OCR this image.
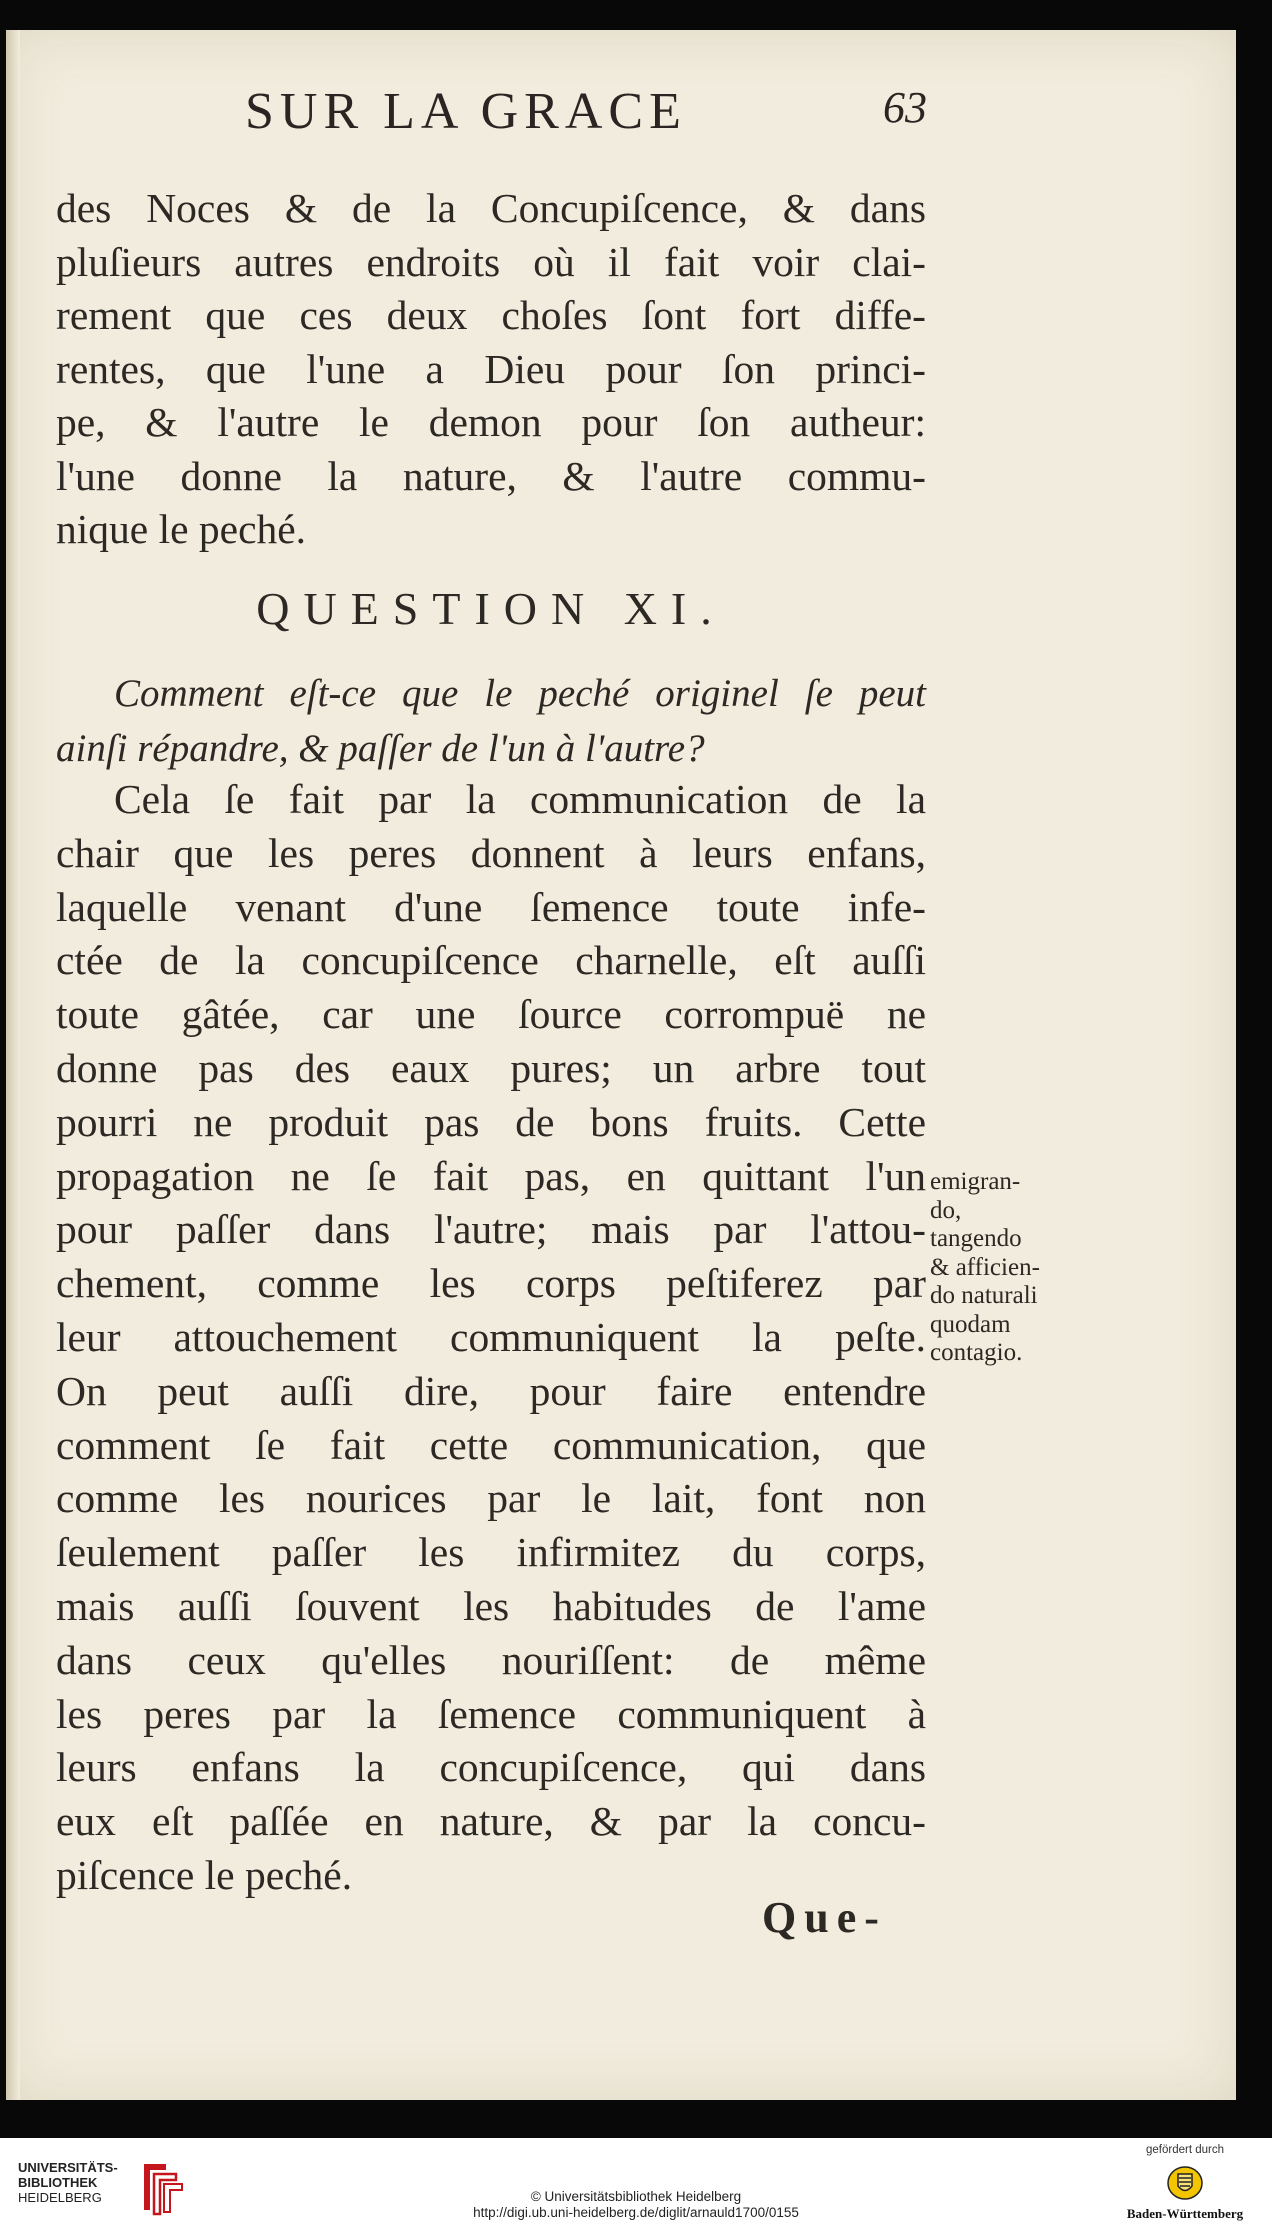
SUR LA GRACE	63
des Noces & de la Concupiſcence, & dans
pluſieurs autres endroits où il fait voir clai-
rement que ces deux choſes ſont fort diffe-
rentes, que l'une a Dieu pour ſon princi-
pe, & l'autre le demon pour ſon autheur:
l'une donne la nature, & l'autre commu-
nique le peché.
QUESTION XI.
Comment eſt-ce que le peché originel ſe peut
ainſi répandre, & paſſer de l'un à l'autre?
Cela ſe fait par la communication de la
chair que les peres donnent à leurs enfans,
laquelle venant d'une ſemence toute infe-
ctée de la concupiſcence charnelle, eſt auſſi
toute gâtée, car une ſource corrompuë ne
donne pas des eaux pures; un arbre tout
pourri ne produit pas de bons fruits. Cette
propagation ne ſe fait pas, en quittant l'un
pour paſſer dans l'autre; mais par l'attou-
chement, comme les corps peſtiferez par
leur attouchement communiquent la peſte.
On peut auſſi dire, pour faire entendre
comment ſe fait cette communication, que
comme les nourices par le lait, font non
ſeulement paſſer les infirmitez du corps,
mais auſſi ſouvent les habitudes de l'ame
dans ceux qu'elles nouriſſent: de même
les peres par la ſemence communiquent à
leurs enfans la concupiſcence, qui dans
eux eſt paſſée en nature, & par la concu-
piſcence le peché.
emigran-
do,
tangendo
& afficien-
do naturali
quodam
contagio.
Que-
UNIVERSITÄTS-
BIBLIOTHEK
HEIDELBERG	© Universitätsbibliothek Heidelberg
http://digi.ub.uni-heidelberg.de/diglit/arnauld1700/0155
gefördert durch
Baden-Württemberg
